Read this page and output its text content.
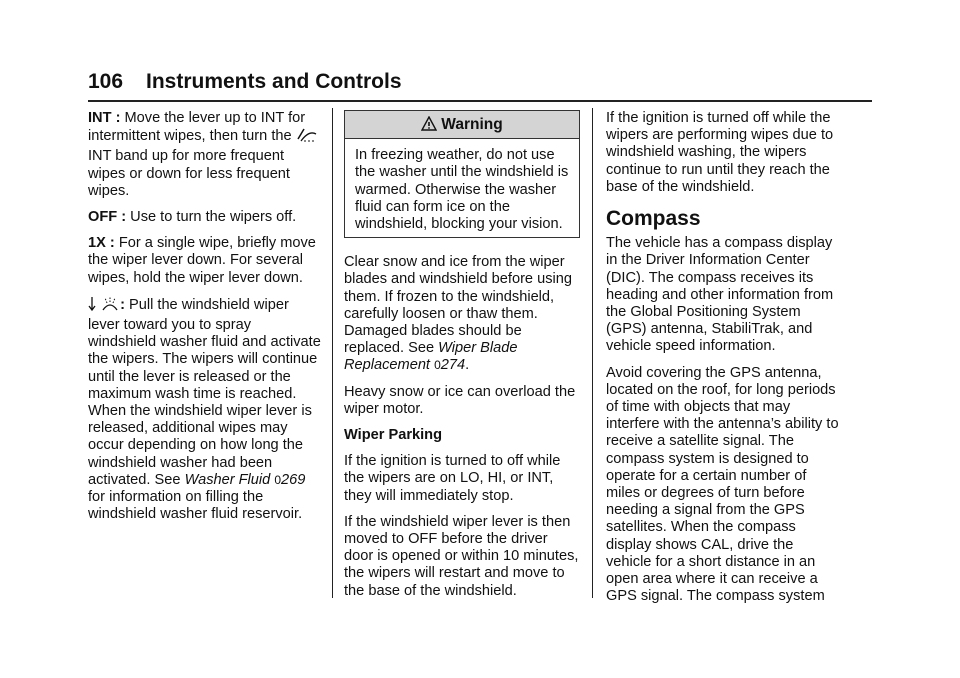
106 Instruments and Controls

INT : Move the lever up to INT for intermittent wipes, then turn the  INT band up for more frequent wipes or down for less frequent wipes.

OFF : Use to turn the wipers off.

1X : For a single wipe, briefly move the wiper lever down. For several wipes, hold the wiper lever down.

: Pull the windshield wiper lever toward you to spray windshield washer fluid and activate the wipers. The wipers will continue until the lever is released or the maximum wash time is reached. When the windshield wiper lever is released, additional wipes may occur depending on how long the windshield washer had been activated. See Washer Fluid 0269 for information on filling the windshield washer fluid reservoir.

Warning
In freezing weather, do not use the washer until the windshield is warmed. Otherwise the washer fluid can form ice on the windshield, blocking your vision.

Clear snow and ice from the wiper blades and windshield before using them. If frozen to the windshield, carefully loosen or thaw them. Damaged blades should be replaced. See Wiper Blade Replacement 0274.

Heavy snow or ice can overload the wiper motor.

Wiper Parking

If the ignition is turned to off while the wipers are on LO, HI, or INT, they will immediately stop.

If the windshield wiper lever is then moved to OFF before the driver door is opened or within 10 minutes, the wipers will restart and move to the base of the windshield.

If the ignition is turned off while the wipers are performing wipes due to windshield washing, the wipers continue to run until they reach the base of the windshield.

Compass

The vehicle has a compass display in the Driver Information Center (DIC). The compass receives its heading and other information from the Global Positioning System (GPS) antenna, StabiliTrak, and vehicle speed information.

Avoid covering the GPS antenna, located on the roof, for long periods of time with objects that may interfere with the antenna’s ability to receive a satellite signal. The compass system is designed to operate for a certain number of miles or degrees of turn before needing a signal from the GPS satellites. When the compass display shows CAL, drive the vehicle for a short distance in an open area where it can receive a GPS signal. The compass system
